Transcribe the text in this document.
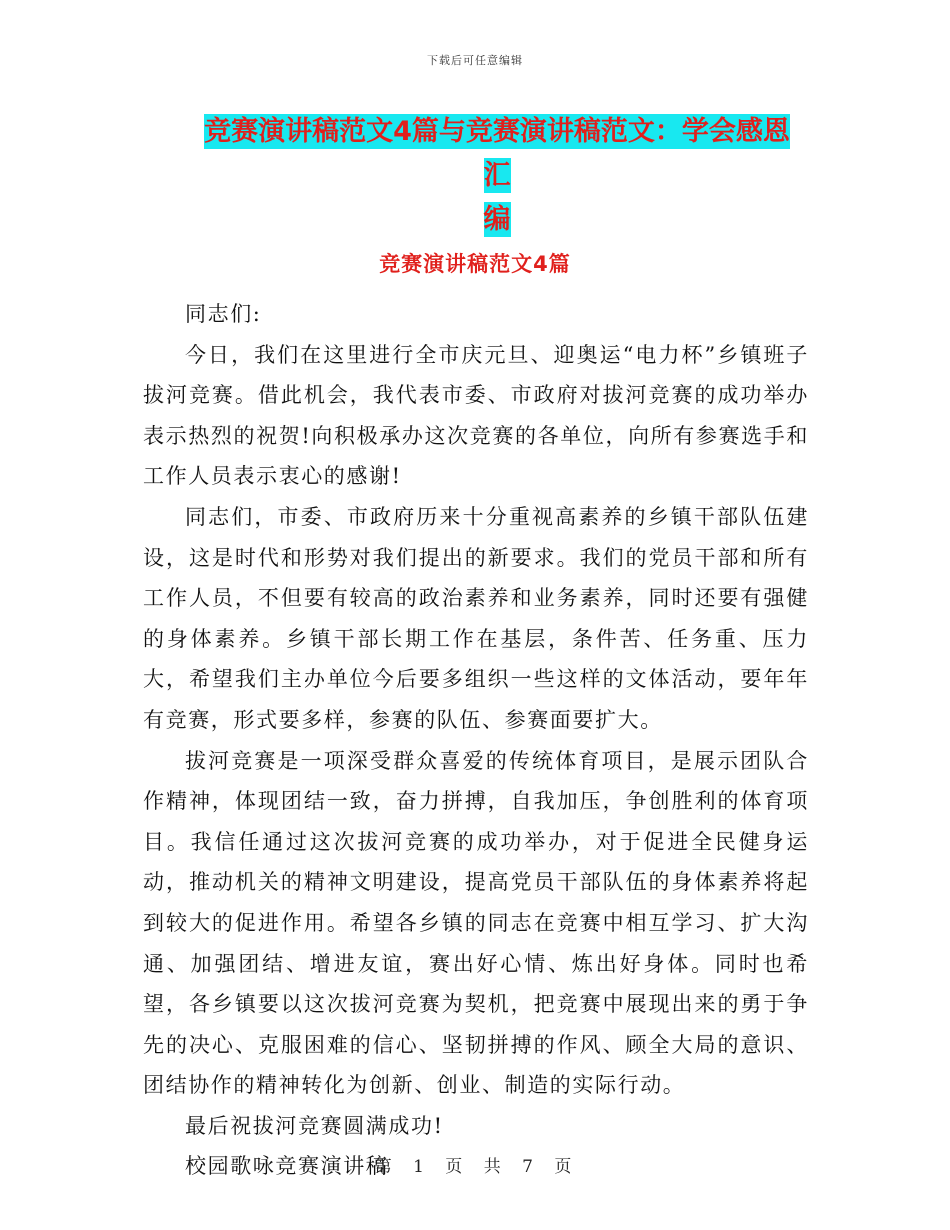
下载后可任意编辑
竞赛演讲稿范文4篇与竞赛演讲稿范文：学会感恩汇
编
竞赛演讲稿范文4篇

同志们:

今日，我们在这里进行全市庆元旦、迎奥运“电力杯”乡镇班子拔河竞赛。借此机会，我代表市委、市政府对拔河竞赛的成功举办表示热烈的祝贺!向积极承办这次竞赛的各单位，向所有参赛选手和工作人员表示衷心的感谢!

同志们，市委、市政府历来十分重视高素养的乡镇干部队伍建设，这是时代和形势对我们提出的新要求。我们的党员干部和所有工作人员，不但要有较高的政治素养和业务素养，同时还要有强健的身体素养。乡镇干部长期工作在基层，条件苦、任务重、压力大，希望我们主办单位今后要多组织一些这样的文体活动，要年年有竞赛，形式要多样，参赛的队伍、参赛面要扩大。

拔河竞赛是一项深受群众喜爱的传统体育项目，是展示团队合作精神，体现团结一致，奋力拼搏，自我加压，争创胜利的体育项目。我信任通过这次拔河竞赛的成功举办，对于促进全民健身运动，推动机关的精神文明建设，提高党员干部队伍的身体素养将起到较大的促进作用。希望各乡镇的同志在竞赛中相互学习、扩大沟通、加强团结、增进友谊，赛出好心情、炼出好身体。同时也希望，各乡镇要以这次拔河竞赛为契机，把竞赛中展现出来的勇于争先的决心、克服困难的信心、坚韧拼搏的作风、顾全大局的意识、团结协作的精神转化为创新、创业、制造的实际行动。

最后祝拔河竞赛圆满成功!

校园歌咏竞赛演讲稿

第 1 页 共 7 页
